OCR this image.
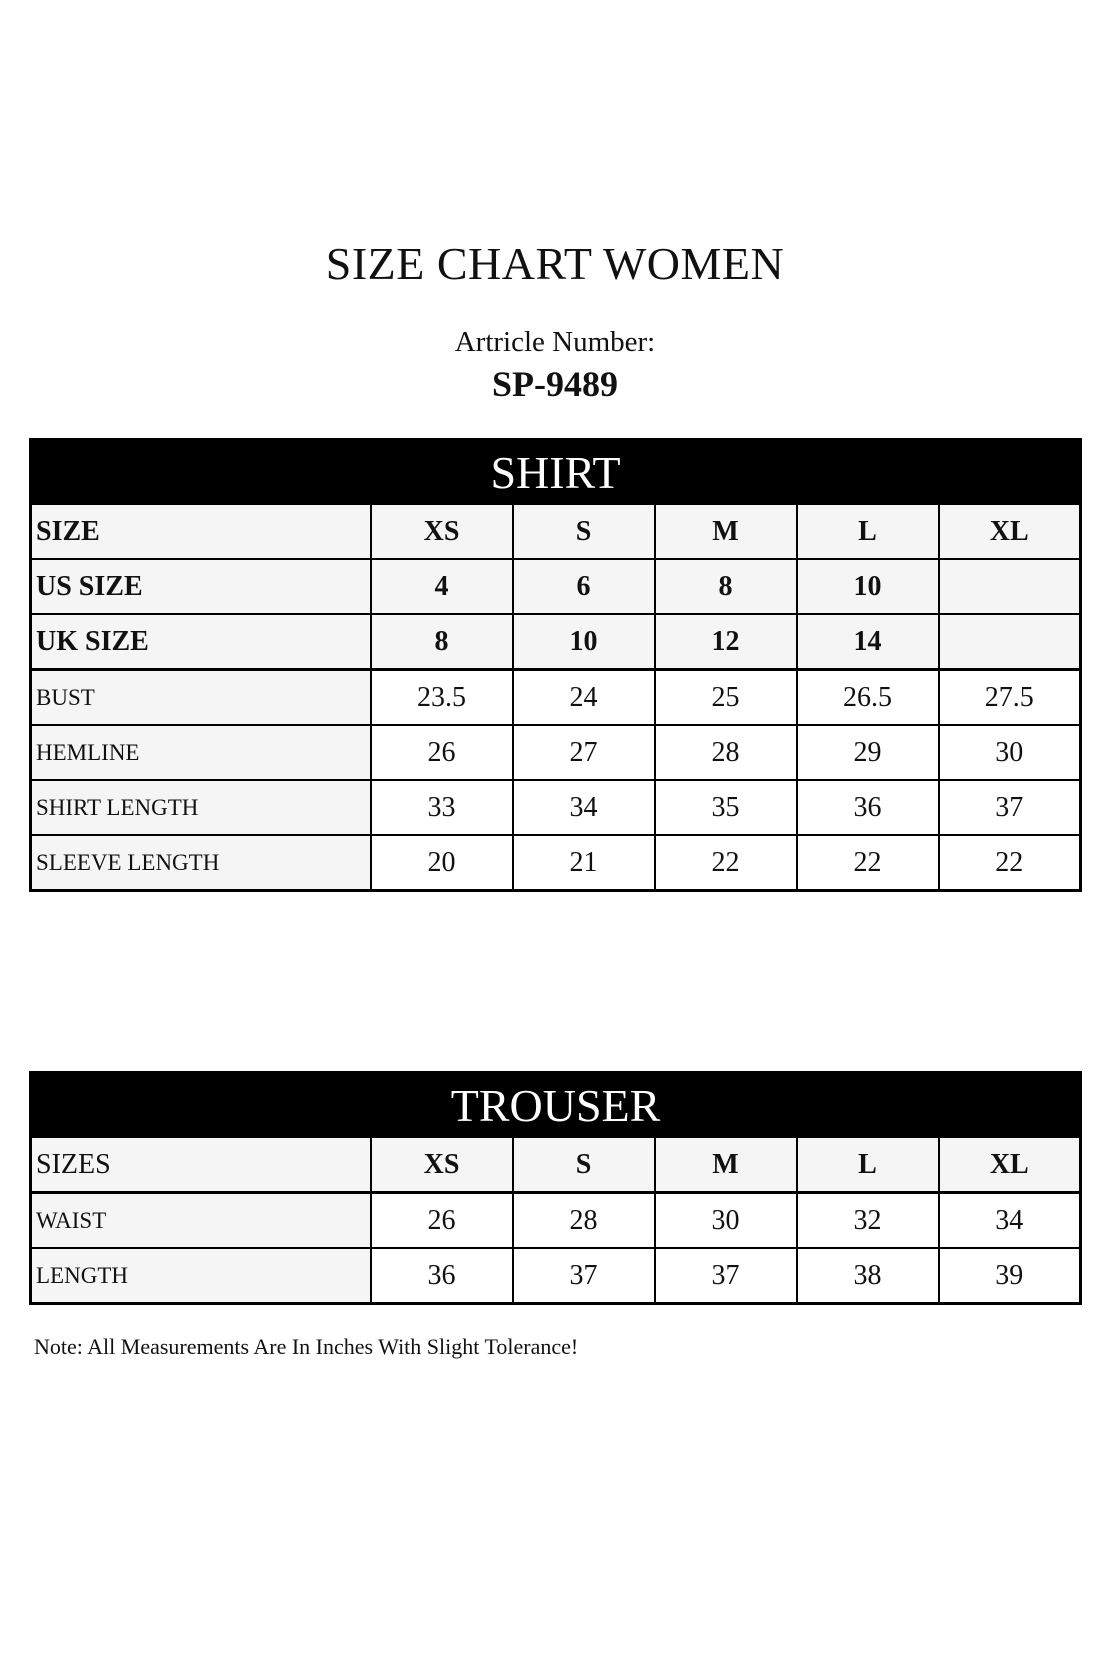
SIZE CHART WOMEN
Artricle Number:
SP-9489
SHIRT					
SIZE	XS	S	M	L	XL
US SIZE	4	6	8	10	
UK SIZE	8	10	12	14	
BUST	23.5	24	25	26.5	27.5
HEMLINE	26	27	28	29	30
SHIRT LENGTH	33	34	35	36	37
SLEEVE LENGTH	20	21	22	22	22
TROUSER					
SIZES	XS	S	M	L	XL
WAIST	26	28	30	32	34
LENGTH	36	37	37	38	39
Note: All Measurements Are In Inches With Slight Tolerance!
